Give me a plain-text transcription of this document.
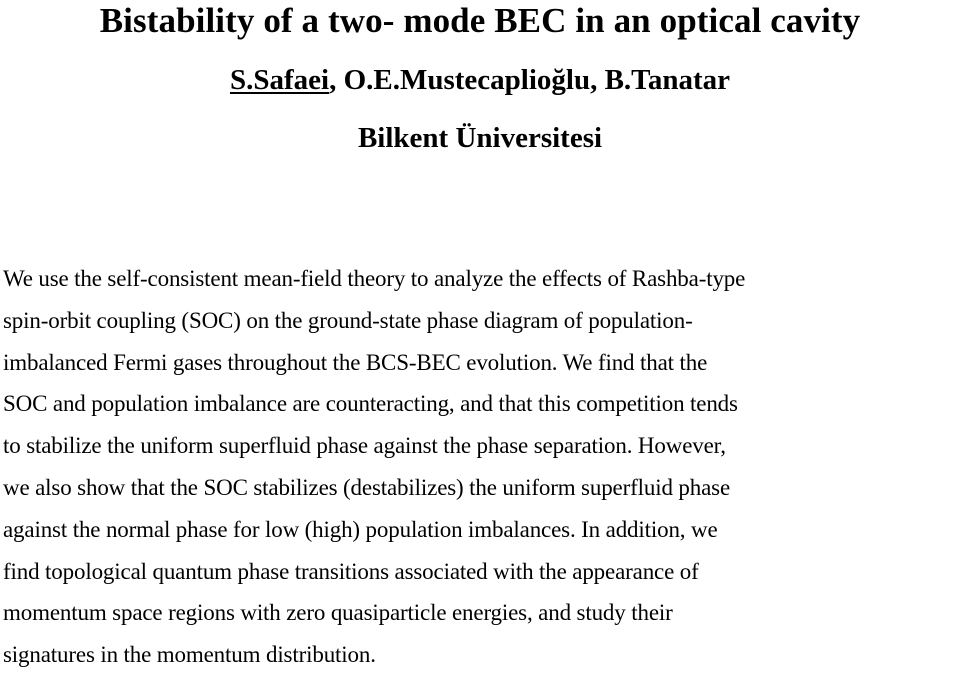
Bistability of a two- mode BEC in an optical cavity
S.Safaei, O.E.Mustecaplioğlu, B.Tanatar
Bilkent Üniversitesi
We use the self-consistent mean-field theory to analyze the effects of Rashba-type
spin-orbit coupling (SOC) on the ground-state phase diagram of population-
imbalanced Fermi gases throughout the BCS-BEC evolution. We find that the
SOC and population imbalance are counteracting, and that this competition tends
to stabilize the uniform superfluid phase against the phase separation. However,
we also show that the SOC stabilizes (destabilizes) the uniform superfluid phase
against the normal phase for low (high) population imbalances. In addition, we
find topological quantum phase transitions associated with the appearance of
momentum space regions with zero quasiparticle energies, and study their
signatures in the momentum distribution.
